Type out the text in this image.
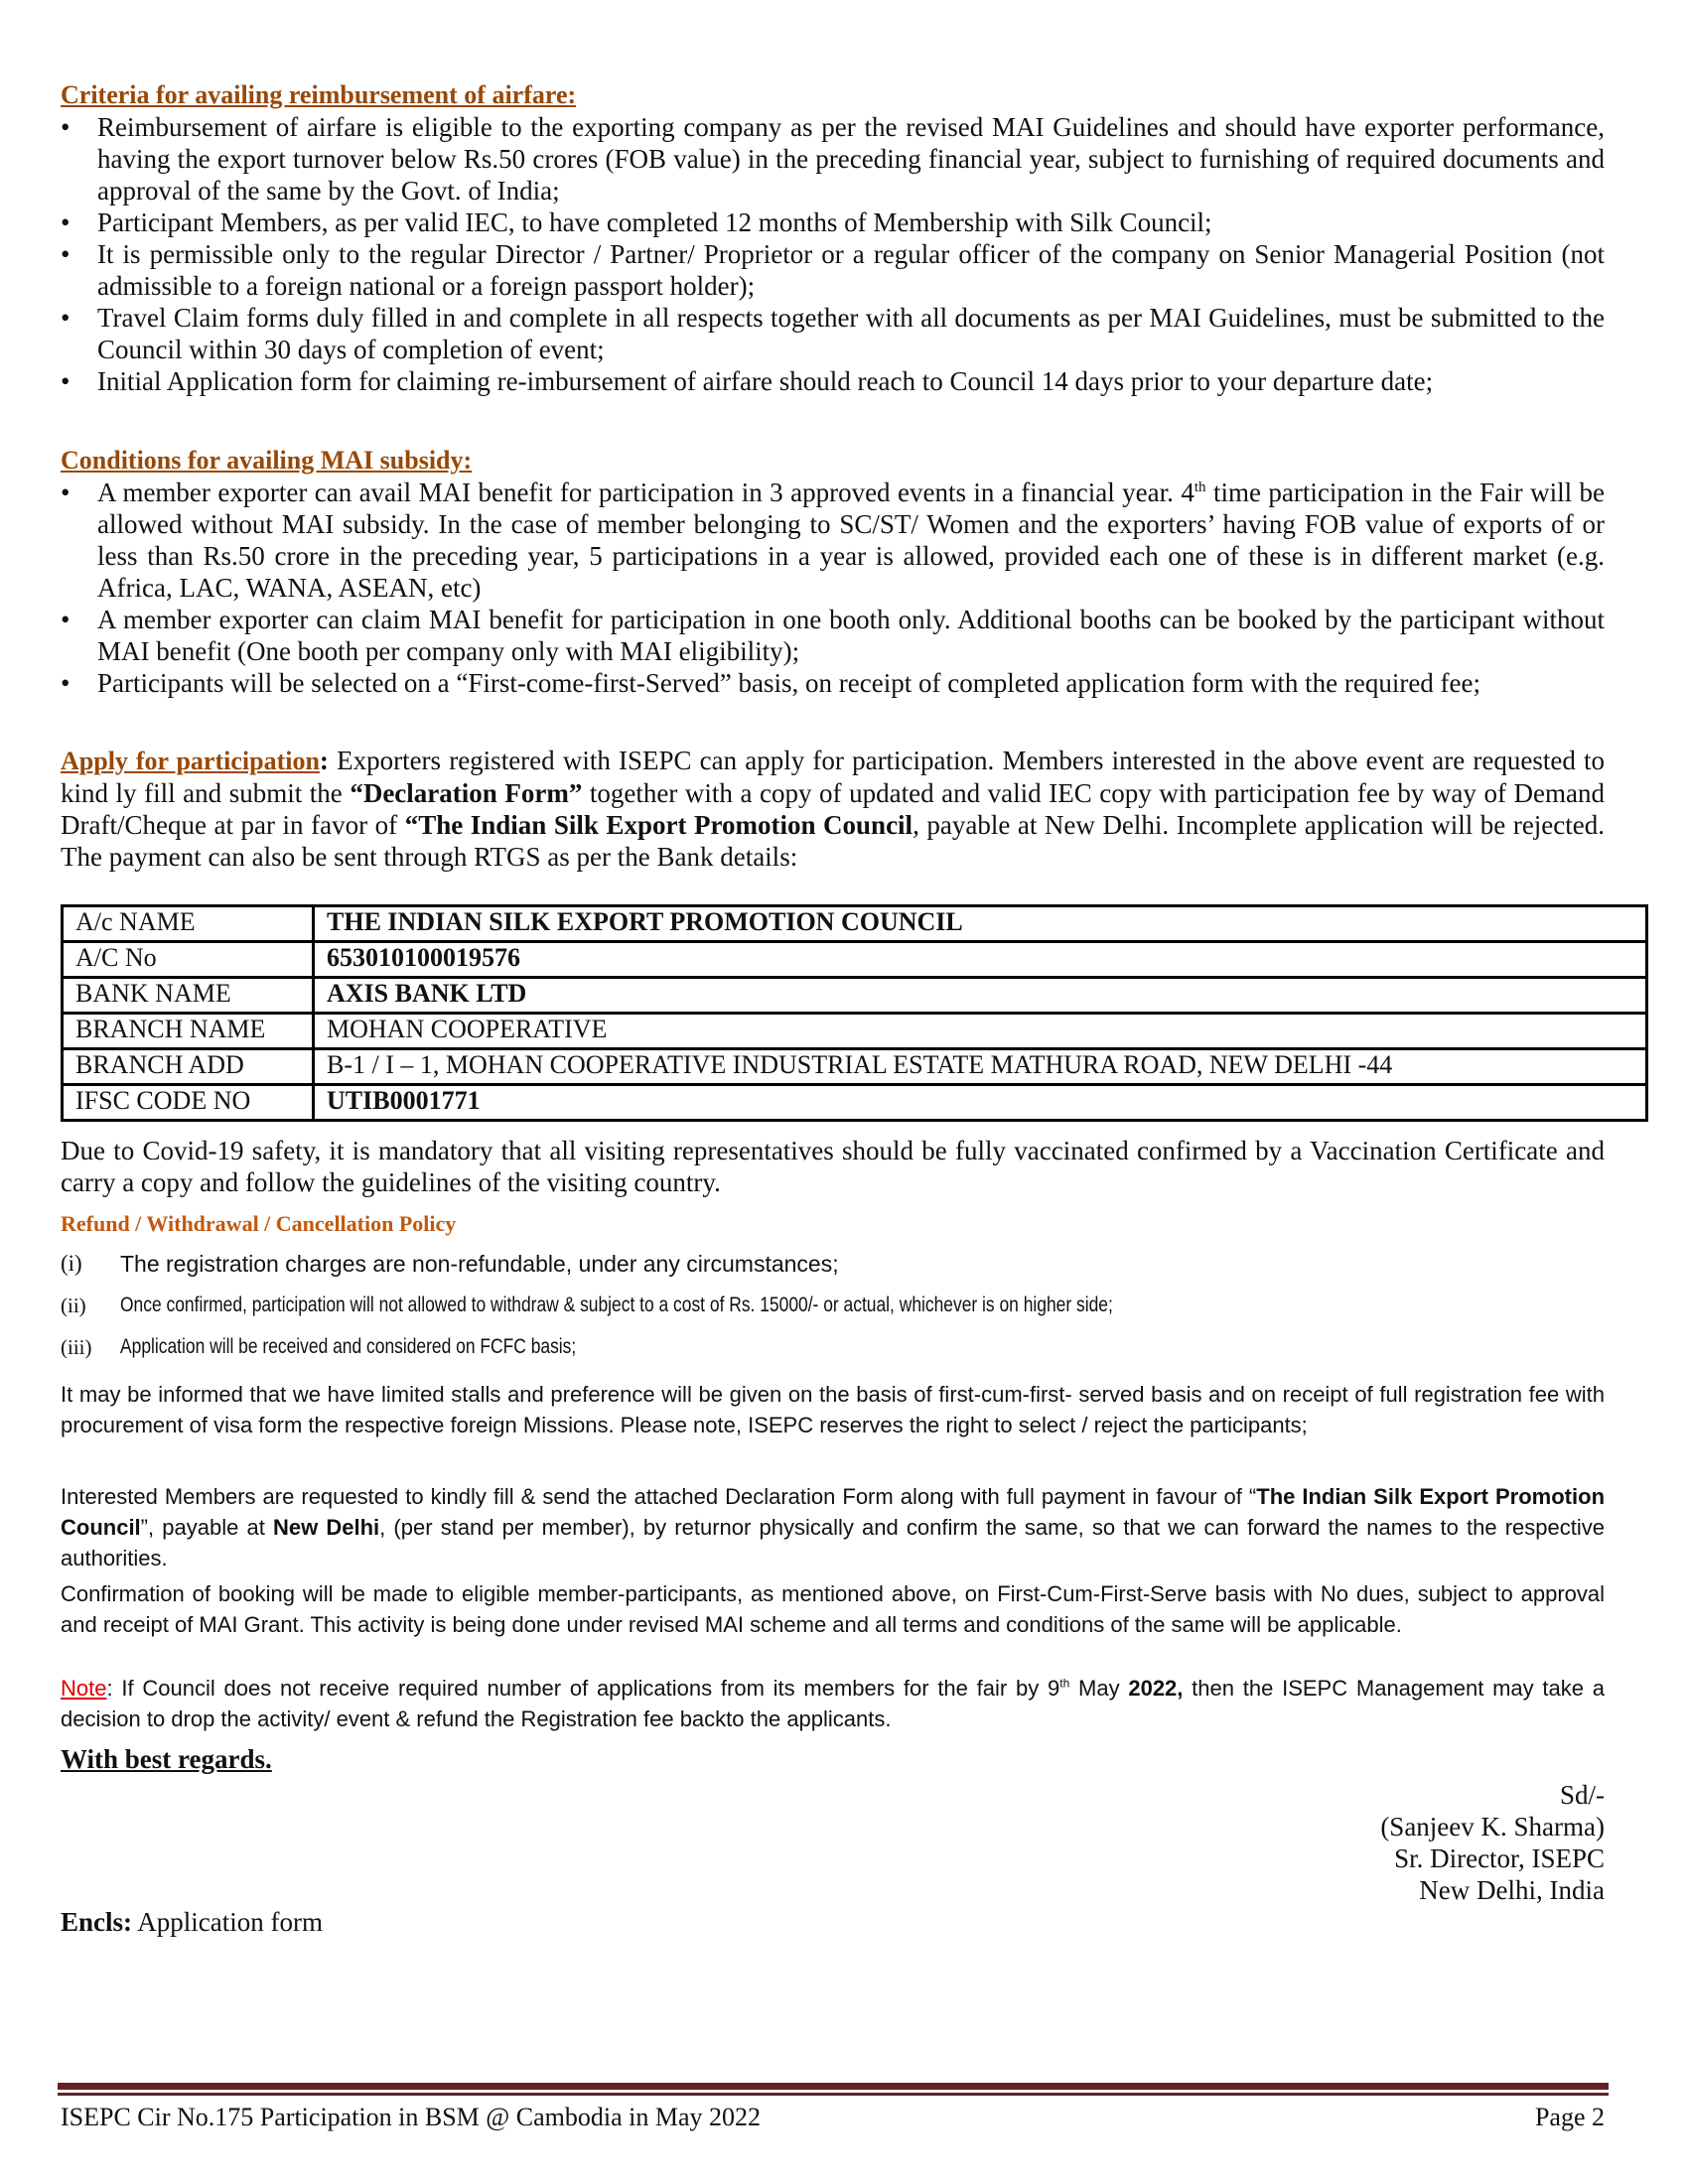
Criteria for availing reimbursement of airfare:
• Reimbursement of airfare is eligible to the exporting company as per the revised MAI Guidelines and should have exporter performance, having the export turnover below Rs.50 crores (FOB value) in the preceding financial year, subject to furnishing of required documents and approval of the same by the Govt. of India;
• Participant Members, as per valid IEC, to have completed 12 months of Membership with Silk Council;
• It is permissible only to the regular Director / Partner/ Proprietor or a regular officer of the company on Senior Managerial Position (not admissible to a foreign national or a foreign passport holder);
• Travel Claim forms duly filled in and complete in all respects together with all documents as per MAI Guidelines, must be submitted to the Council within 30 days of completion of event;
• Initial Application form for claiming re-imbursement of airfare should reach to Council 14 days prior to your departure date;
Conditions for availing MAI subsidy:
• A member exporter can avail MAI benefit for participation in 3 approved events in a financial year. 4th time participation in the Fair will be allowed without MAI subsidy. In the case of member belonging to SC/ST/ Women and the exporters’ having FOB value of exports of or less than Rs.50 crore in the preceding year, 5 participations in a year is allowed, provided each one of these is in different market (e.g. Africa, LAC, WANA, ASEAN, etc)
• A member exporter can claim MAI benefit for participation in one booth only. Additional booths can be booked by the participant without MAI benefit (One booth per company only with MAI eligibility);
• Participants will be selected on a “First-come-first-Served” basis, on receipt of completed application form with the required fee;
Apply for participation: Exporters registered with ISEPC can apply for participation. Members interested in the above event are requested to kind ly fill and submit the “Declaration Form” together with a copy of updated and valid IEC copy with participation fee by way of Demand Draft/Cheque at par in favor of “The Indian Silk Export Promotion Council, payable at New Delhi. Incomplete application will be rejected. The payment can also be sent through RTGS as per the Bank details:
A/c NAME	THE INDIAN SILK EXPORT PROMOTION COUNCIL
A/C No	653010100019576
BANK NAME	AXIS BANK LTD
BRANCH NAME	MOHAN COOPERATIVE
BRANCH ADD	B-1 / I – 1, MOHAN COOPERATIVE INDUSTRIAL ESTATE MATHURA ROAD, NEW DELHI -44
IFSC CODE NO	UTIB0001771
Due to Covid-19 safety, it is mandatory that all visiting representatives should be fully vaccinated confirmed by a Vaccination Certificate and carry a copy and follow the guidelines of the visiting country.
Refund / Withdrawal / Cancellation Policy
(i) The registration charges are non-refundable, under any circumstances;
(ii) Once confirmed, participation will not allowed to withdraw & subject to a cost of Rs. 15000/- or actual, whichever is on higher side;
(iii) Application will be received and considered on FCFC basis;
It may be informed that we have limited stalls and preference will be given on the basis of first-cum-first- served basis and on receipt of full registration fee with procurement of visa form the respective foreign Missions. Please note, ISEPC reserves the right to select / reject the participants;
Interested Members are requested to kindly fill & send the attached Declaration Form along with full payment in favour of “The Indian Silk Export Promotion Council”, payable at New Delhi, (per stand per member), by returnor physically and confirm the same, so that we can forward the names to the respective authorities.
Confirmation of booking will be made to eligible member-participants, as mentioned above, on First-Cum-First-Serve basis with No dues, subject to approval and receipt of MAI Grant. This activity is being done under revised MAI scheme and all terms and conditions of the same will be applicable.
Note: If Council does not receive required number of applications from its members for the fair by 9th May 2022, then the ISEPC Management may take a decision to drop the activity/ event & refund the Registration fee backto the applicants.
With best regards.
Sd/-
(Sanjeev K. Sharma)
Sr. Director, ISEPC
New Delhi, India
Encls: Application form
ISEPC Cir No.175 Participation in BSM @ Cambodia in May 2022	Page 2
